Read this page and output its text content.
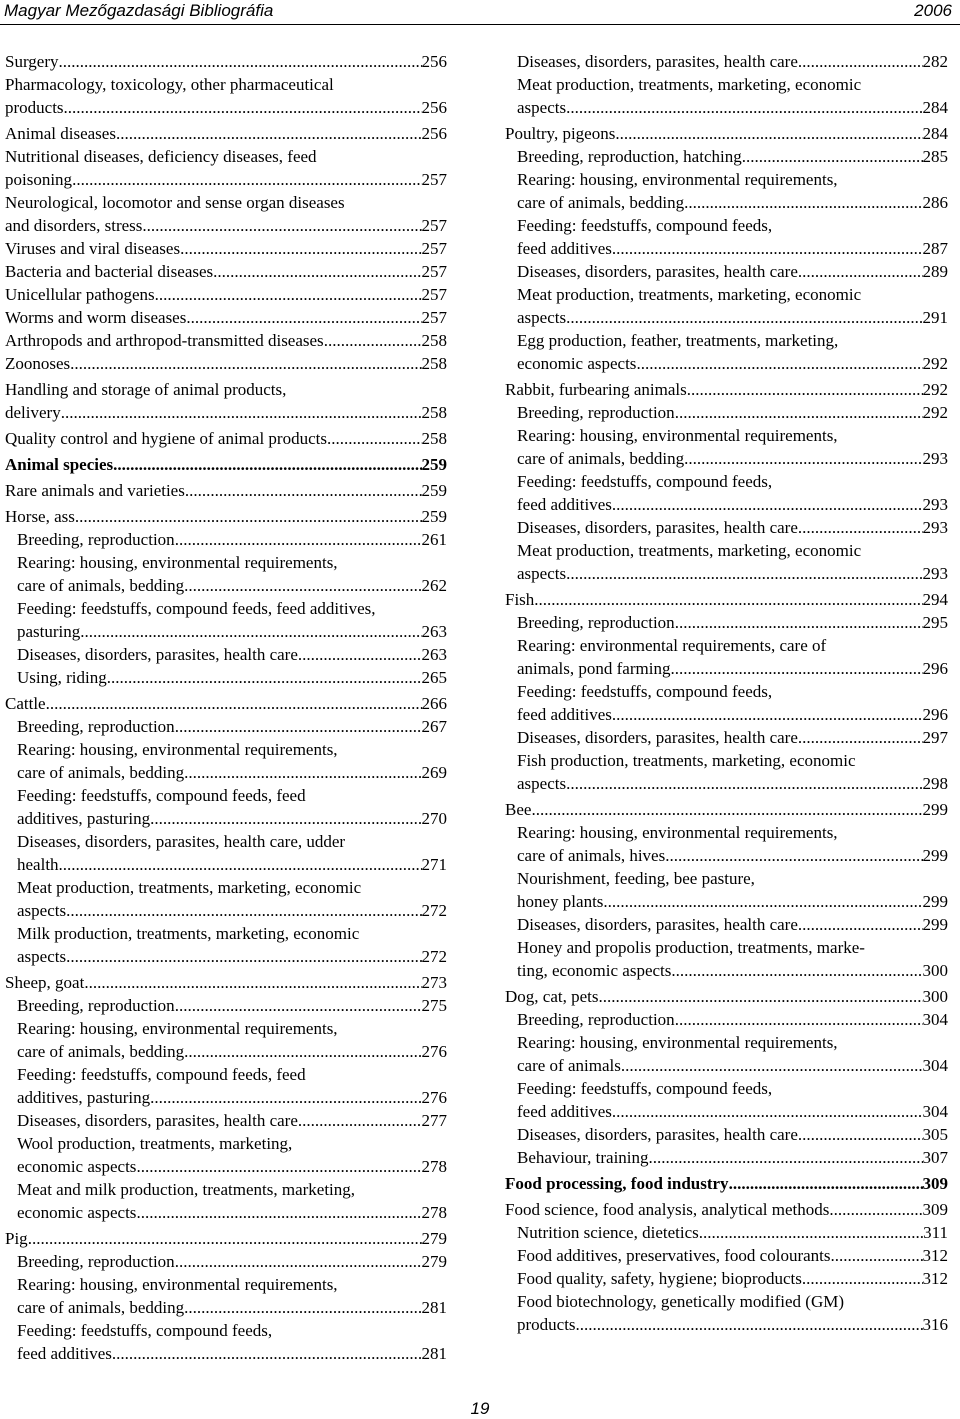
Magyar Mezőgazdasági Bibliográfia	2006
Surgery .....	256
Pharmacology, toxicology, other pharmaceutical
products .....	256
Animal diseases .....	256
Nutritional diseases, deficiency diseases, feed
poisoning .....	257
Neurological, locomotor and sense organ diseases
and disorders, stress .....	257
Viruses and viral diseases .....	257
Bacteria and bacterial diseases .....	257
Unicellular pathogens .....	257
Worms and worm diseases .....	257
Arthropods and arthropod-transmitted diseases .....	258
Zoonoses .....	258
Handling and storage of animal products,
delivery .....	258
Quality control and hygiene of animal products .....	258
Animal species .....	259
Rare animals and varieties .....	259
Horse, ass .....	259
Breeding, reproduction .....	261
Rearing: housing, environmental requirements,
care of animals, bedding .....	262
Feeding: feedstuffs, compound feeds, feed additives,
pasturing .....	263
Diseases, disorders, parasites, health care .....	263
Using, riding .....	265
Cattle .....	266
Breeding, reproduction .....	267
Rearing: housing, environmental requirements,
care of animals, bedding .....	269
Feeding: feedstuffs, compound feeds, feed
additives, pasturing .....	270
Diseases, disorders, parasites, health care, udder
health .....	271
Meat production, treatments, marketing, economic
aspects .....	272
Milk production, treatments, marketing, economic
aspects .....	272
Sheep, goat .....	273
Breeding, reproduction .....	275
Rearing: housing, environmental requirements,
care of animals, bedding .....	276
Feeding: feedstuffs, compound feeds, feed
additives, pasturing .....	276
Diseases, disorders, parasites, health care .....	277
Wool production, treatments, marketing,
economic aspects .....	278
Meat and milk production, treatments, marketing,
economic aspects .....	278
Pig .....	279
Breeding, reproduction .....	279
Rearing: housing, environmental requirements,
care of animals, bedding .....	281
Feeding: feedstuffs, compound feeds,
feed additives .....	281
Diseases, disorders, parasites, health care .....	282
Meat production, treatments, marketing, economic
aspects .....	284
Poultry, pigeons .....	284
Breeding, reproduction, hatching .....	285
Rearing: housing, environmental requirements,
care of animals, bedding .....	286
Feeding: feedstuffs, compound feeds,
feed additives .....	287
Diseases, disorders, parasites, health care .....	289
Meat production, treatments, marketing, economic
aspects .....	291
Egg production, feather, treatments, marketing,
economic aspects .....	292
Rabbit, furbearing animals .....	292
Breeding, reproduction .....	292
Rearing: housing, environmental requirements,
care of animals, bedding .....	293
Feeding: feedstuffs, compound feeds,
feed additives .....	293
Diseases, disorders, parasites, health care .....	293
Meat production, treatments, marketing, economic
aspects .....	293
Fish .....	294
Breeding, reproduction .....	295
Rearing: environmental requirements, care of
animals, pond farming .....	296
Feeding: feedstuffs, compound feeds,
feed additives .....	296
Diseases, disorders, parasites, health care .....	297
Fish production, treatments, marketing, economic
aspects .....	298
Bee .....	299
Rearing: housing, environmental requirements,
care of animals, hives .....	299
Nourishment, feeding, bee pasture,
honey plants .....	299
Diseases, disorders, parasites, health care .....	299
Honey and propolis production, treatments, marke-
ting, economic aspects .....	300
Dog, cat, pets .....	300
Breeding, reproduction .....	304
Rearing: housing, environmental requirements,
care of animals .....	304
Feeding: feedstuffs, compound feeds,
feed additives .....	304
Diseases, disorders, parasites, health care .....	305
Behaviour, training .....	307
Food processing, food industry .....	309
Food science, food analysis, analytical methods .....	309
Nutrition science, dietetics .....	311
Food additives, preservatives, food colourants .....	312
Food quality, safety, hygiene; bioproducts .....	312
Food biotechnology, genetically modified (GM)
products .....	316
19
